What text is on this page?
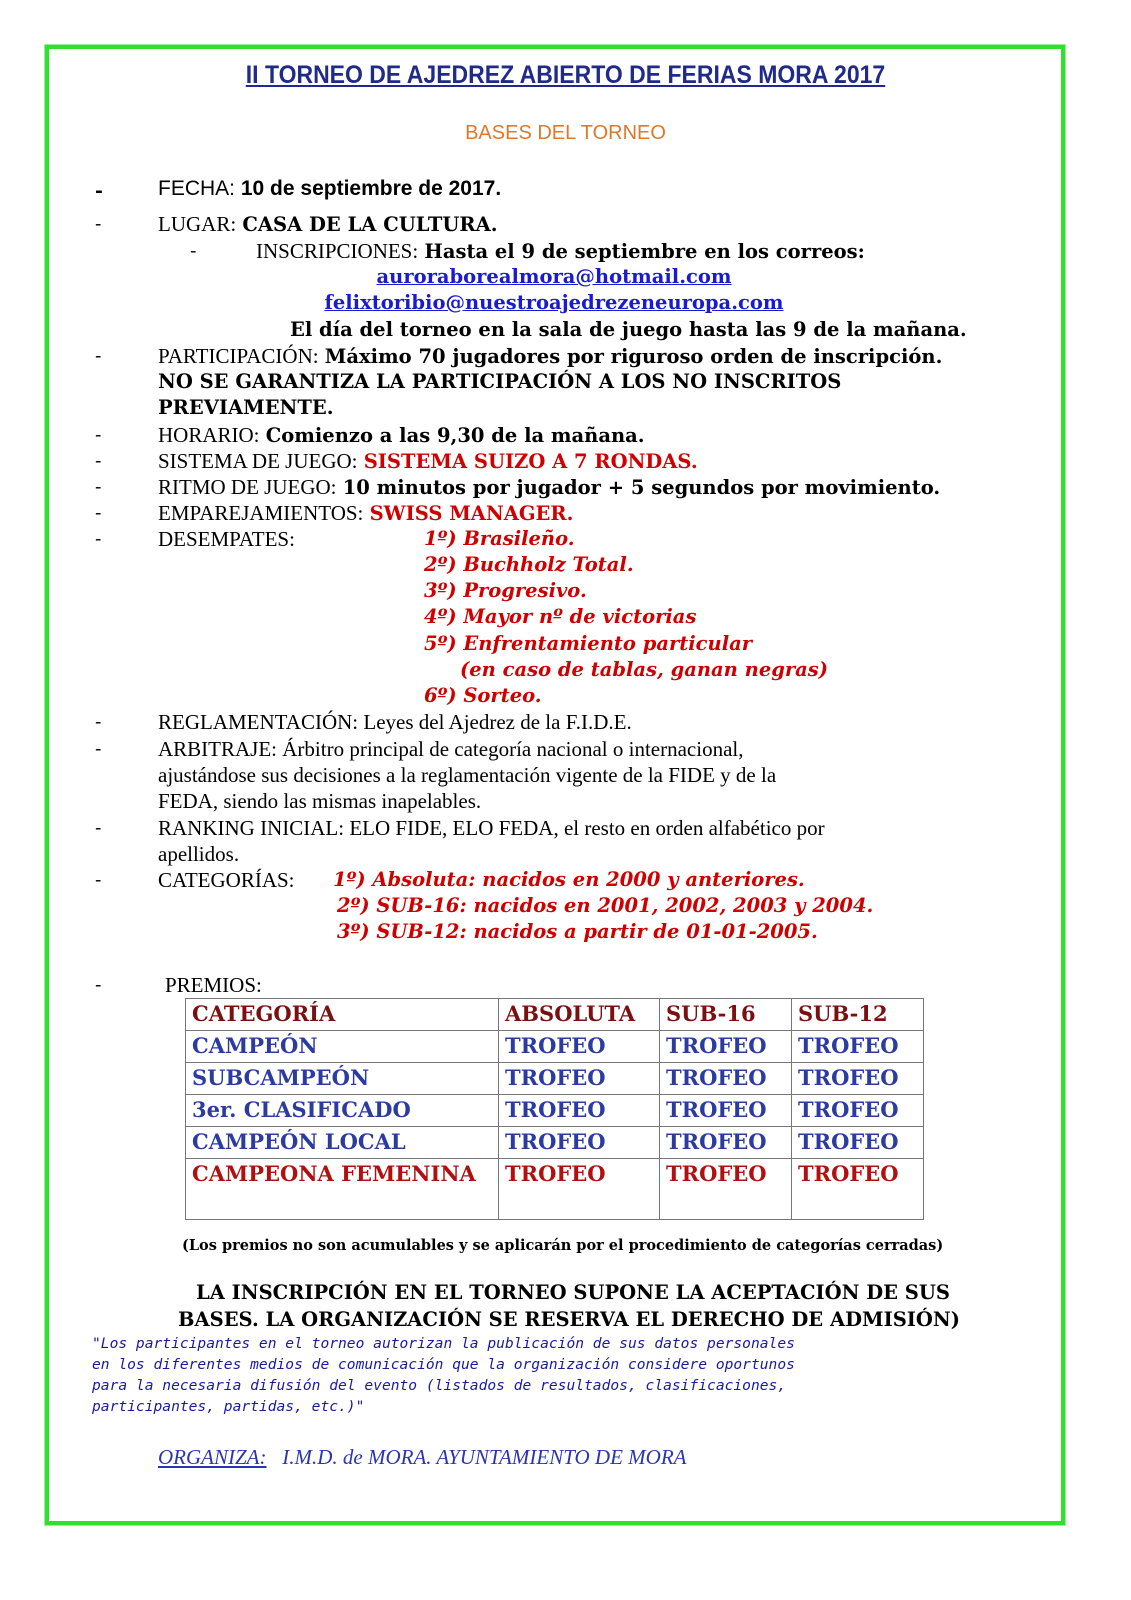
II TORNEO DE AJEDREZ ABIERTO DE FERIAS MORA 2017
BASES DEL TORNEO
-	FECHA: 10 de septiembre de 2017.
-	LUGAR: CASA DE LA CULTURA.
-	INSCRIPCIONES: Hasta el 9 de septiembre en los correos:
auroraborealmora@hotmail.com
felixtoribio@nuestroajedrezeneuropa.com
El día del torneo en la sala de juego hasta las 9 de la mañana.
-	PARTICIPACIÓN: Máximo 70 jugadores por riguroso orden de inscripción.
NO SE GARANTIZA LA PARTICIPACIÓN A LOS NO INSCRITOS
PREVIAMENTE.
-	HORARIO: Comienzo a las 9,30 de la mañana.
-	SISTEMA DE JUEGO: SISTEMA SUIZO A 7 RONDAS.
-	RITMO DE JUEGO: 10 minutos por jugador + 5 segundos por movimiento.
-	EMPAREJAMIENTOS: SWISS MANAGER.
-	DESEMPATES:	1º) Brasileño.
2º) Buchholz Total.
3º) Progresivo.
4º) Mayor nº de victorias
5º) Enfrentamiento particular
(en caso de tablas, ganan negras)
6º) Sorteo.
-	REGLAMENTACIÓN: Leyes del Ajedrez de la F.I.D.E.
-	ARBITRAJE: Árbitro principal de categoría nacional o internacional,
ajustándose sus decisiones a la reglamentación vigente de la FIDE y de la
FEDA, siendo las mismas inapelables.
-	RANKING INICIAL: ELO FIDE, ELO FEDA, el resto en orden alfabético por
apellidos.
-	CATEGORÍAS: 1º) Absoluta: nacidos en 2000 y anteriores.
2º) SUB-16: nacidos en 2001, 2002, 2003 y 2004.
3º) SUB-12: nacidos a partir de 01-01-2005.
-	PREMIOS:
CATEGORÍA	ABSOLUTA	SUB-16	SUB-12
CAMPEÓN	TROFEO	TROFEO	TROFEO
SUBCAMPEÓN	TROFEO	TROFEO	TROFEO
3er. CLASIFICADO	TROFEO	TROFEO	TROFEO
CAMPEÓN LOCAL	TROFEO	TROFEO	TROFEO
CAMPEONA FEMENINA	TROFEO	TROFEO	TROFEO
(Los premios no son acumulables y se aplicarán por el procedimiento de categorías cerradas)
LA INSCRIPCIÓN EN EL TORNEO SUPONE LA ACEPTACIÓN DE SUS
BASES. LA ORGANIZACIÓN SE RESERVA EL DERECHO DE ADMISIÓN)
"Los participantes en el torneo autorizan la publicación de sus datos personales
en los diferentes medios de comunicación que la organización considere oportunos
para la necesaria difusión del evento (listados de resultados, clasificaciones,
participantes, partidas, etc.)"
ORGANIZA: I.M.D. de MORA. AYUNTAMIENTO DE MORA
